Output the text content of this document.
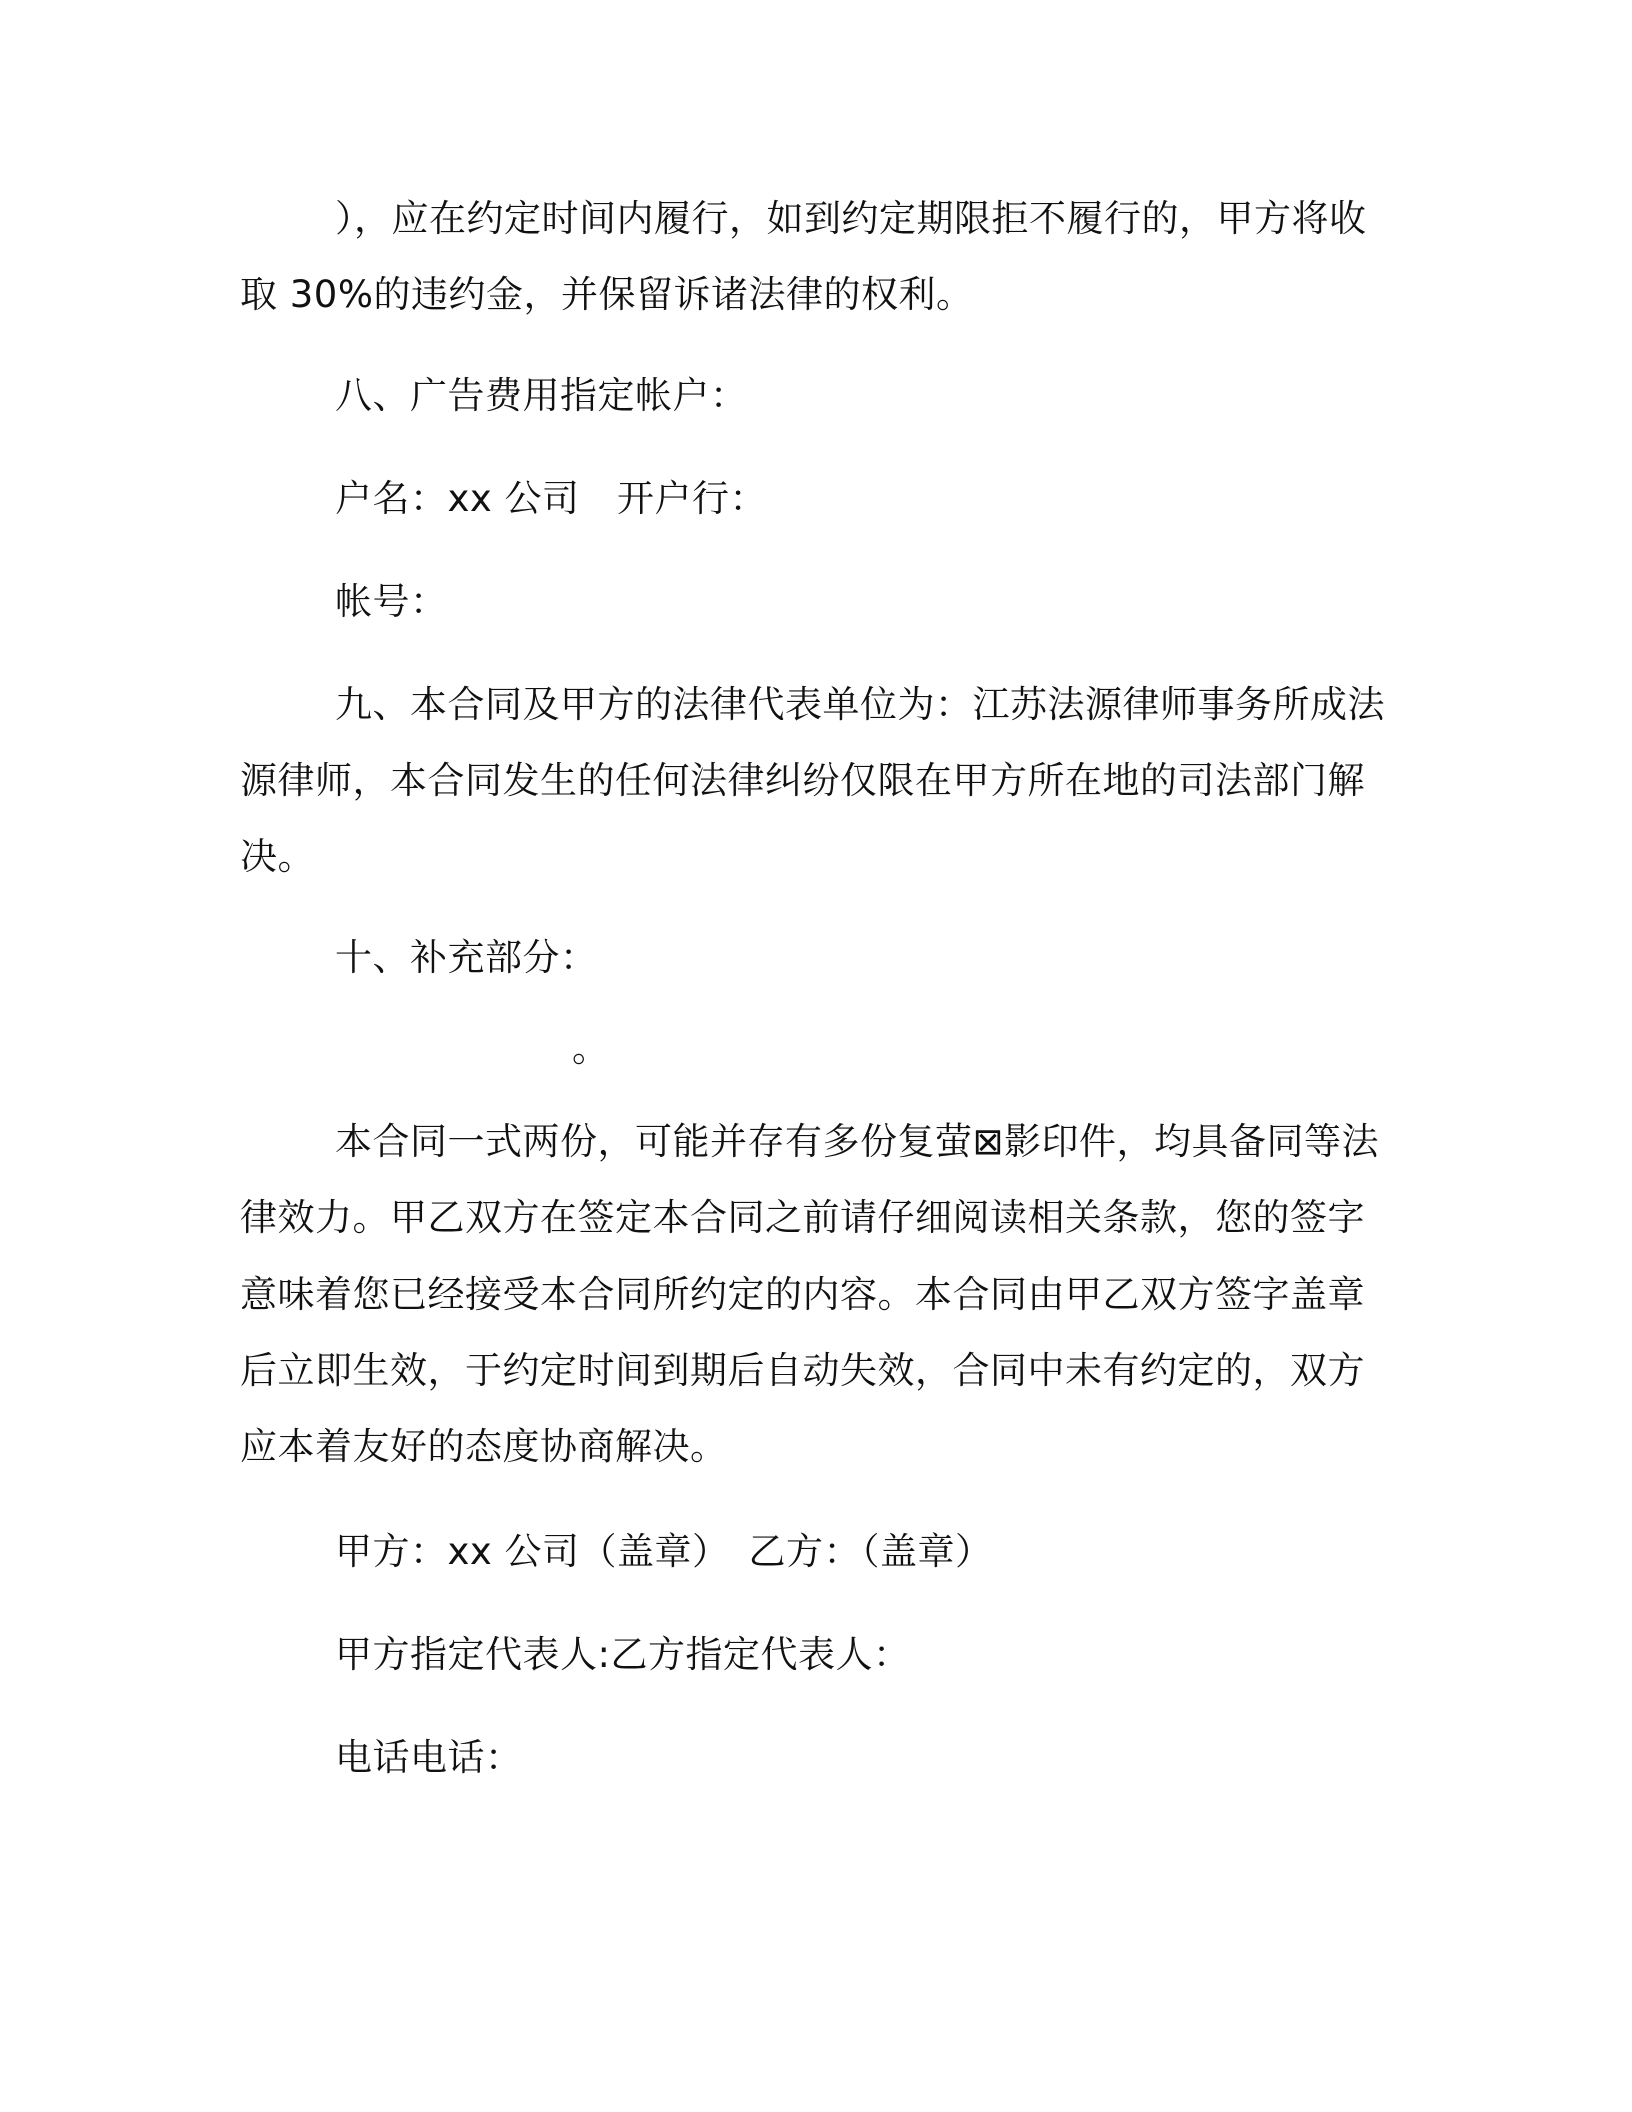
），应在约定时间内履行，如到约定期限拒不履行的，甲方将收
取 30%的违约金，并保留诉诸法律的权利。
八、广告费用指定帐户：
户名：xx 公司　开户行：
帐号：
九、本合同及甲方的法律代表单位为：江苏法源律师事务所成法
源律师，本合同发生的任何法律纠纷仅限在甲方所在地的司法部门解
决。
十、补充部分：
。
本合同一式两份，可能并存有多份复萤⊠影印件，均具备同等法
律效力。甲乙双方在签定本合同之前请仔细阅读相关条款，您的签字
意味着您已经接受本合同所约定的内容。本合同由甲乙双方签字盖章
后立即生效，于约定时间到期后自动失效，合同中未有约定的，双方
应本着友好的态度协商解决。
甲方：xx 公司（盖章）　乙方：（盖章）
甲方指定代表人:乙方指定代表人：
电话电话：
